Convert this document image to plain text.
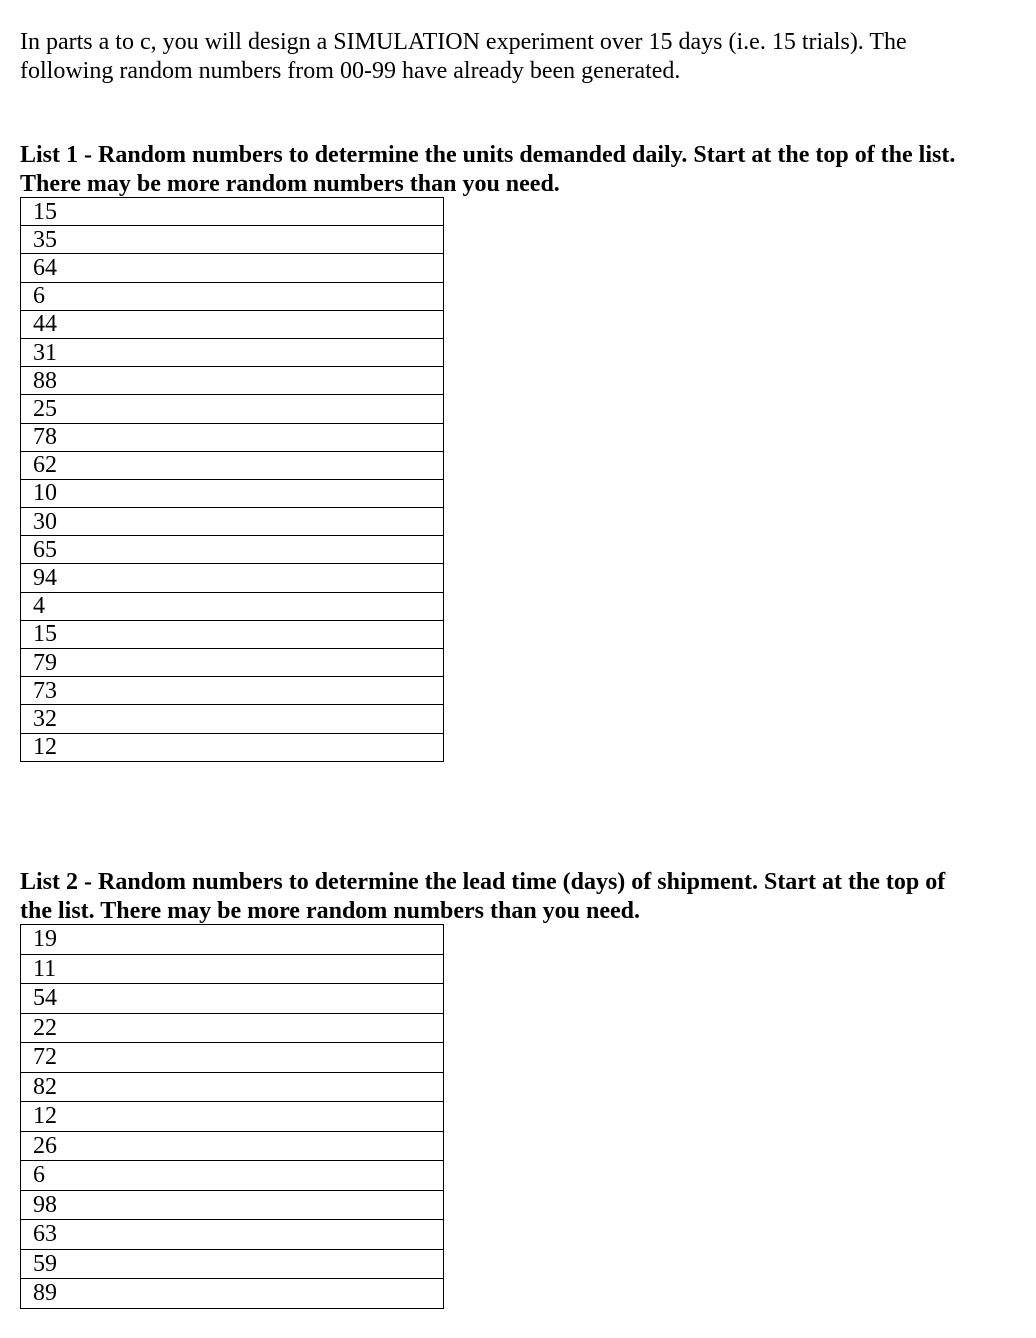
In parts a to c, you will design a SIMULATION experiment over 15 days (i.e. 15 trials). The following random numbers from 00-99 have already been generated.
List 1 - Random numbers to determine the units demanded daily. Start at the top of the list. There may be more random numbers than you need.
15
35
64
6
44
31
88
25
78
62
10
30
65
94
4
15
79
73
32
12
List 2 - Random numbers to determine the lead time (days) of shipment. Start at the top of the list. There may be more random numbers than you need.
19
11
54
22
72
82
12
26
6
98
63
59
89
